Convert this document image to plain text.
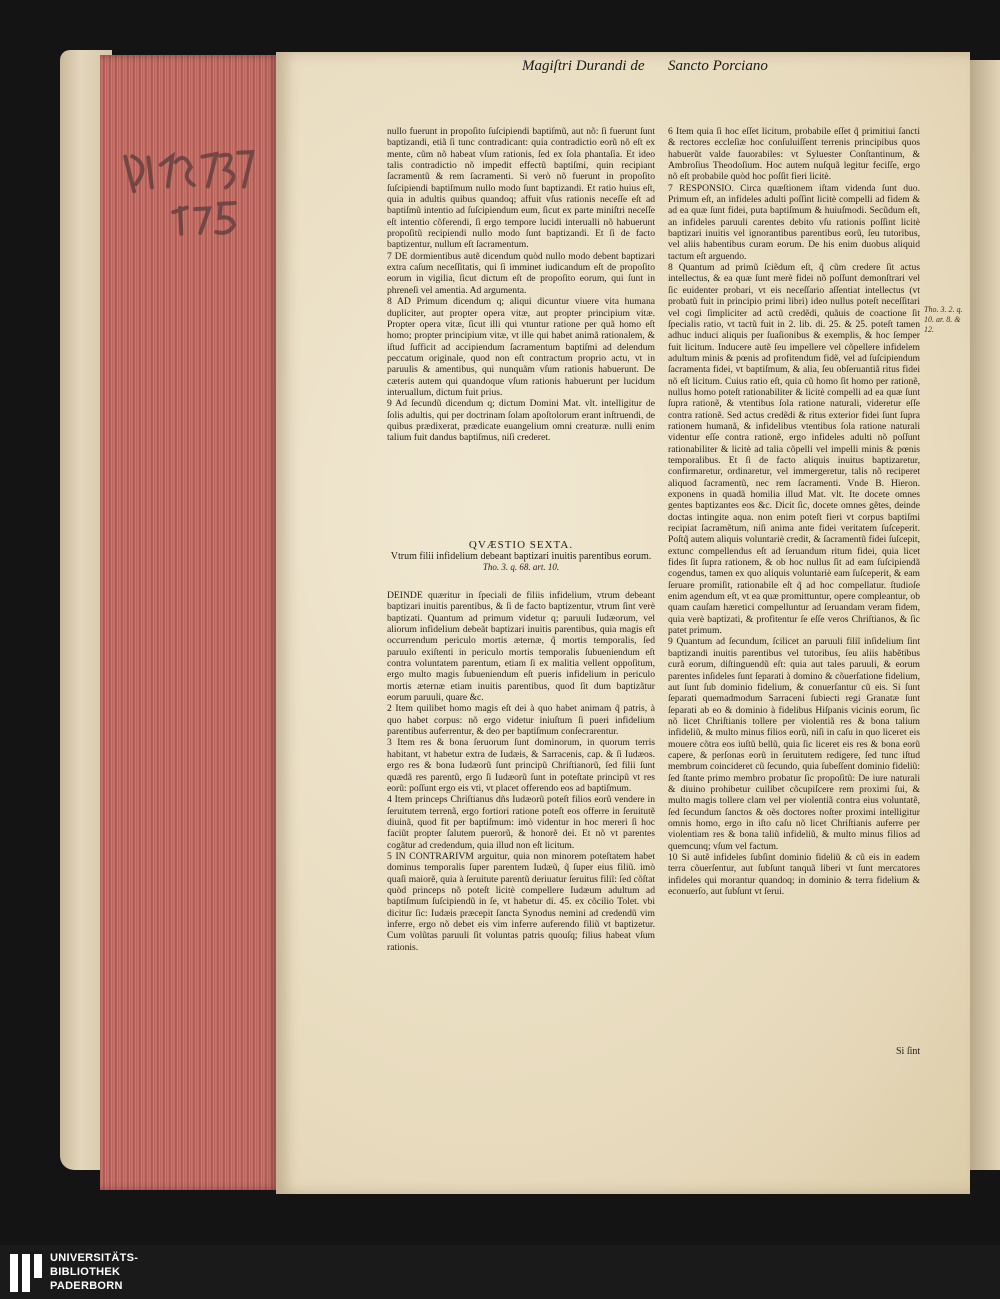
Magiſtri Durandi de Sancto Porciano

nullo fuerunt in propoſito ſuſcipiendi baptiſmũ, aut nõ: ſi fuerunt ſunt baptizandi, etiã ſi tunc contradicant: quia contradictio eorũ nõ eſt ex mente, cũm nõ habeat vſum rationis, ſed ex ſola phantaſia. Et ideo talis contradictio nõ impedit effectũ baptiſmi, quin recipiant ſacramentũ & rem ſacramenti. Si verò nõ fuerunt in propoſito ſuſcipiendi baptiſmum nullo modo ſunt baptizandi. Et ratio huius eſt, quia in adultis quibus quandoq; affuit vſus rationis neceſſe eſt ad baptiſmũ intentio ad ſuſcipiendum eum, ſicut ex parte miniſtri neceſſe eſt intentio cõferendi, ſi ergo tempore lucidi interualli nõ habuerunt propoſitũ recipiendi nullo modo ſunt baptizandi. Et ſi de facto baptizentur, nullum eſt ſacramentum.

7 DE dormientibus autẽ dicendum quòd nullo modo debent baptizari extra caſum neceſſitatis, qui ſi imminet iudicandum eſt de propoſito eorum in vigilia, ſicut dictum eſt de propoſito eorum, qui ſunt in phreneſi vel amentia. Ad argumenta.

8 AD Primum dicendum q; aliqui dicuntur viuere vita humana dupliciter, aut propter opera vitæ, aut propter principium vitæ. Propter opera vitæ, ſicut illi qui vtuntur ratione per quã homo eſt homo; propter principium vitæ, vt ille qui habet animã rationalem, & iſtud ſufficit ad accipiendum ſacramentum baptiſmi ad delendum peccatum originale, quod non eſt contractum proprio actu, vt in paruulis & amentibus, qui nunquãm vſum rationis habuerunt. De cæteris autem qui quandoque vſum rationis habuerunt per lucidum interuallum, dictum fuit prius.

9 Ad ſecundũ dicendum q; dictum Domini Mat. vlt. intelligitur de ſolis adultis, qui per doctrinam ſolam apoſtolorum erant inſtruendi, de quibus prædixerat, prædicate euangelium omni creaturæ. nulli enim talium fuit dandus baptiſmus, niſi crederet.

QVÆSTIO SEXTA.
Vtrum filii infidelium debeant baptizari inuitis parentibus eorum.
Tho. 3. q. 68. art. 10.

DEINDE quæritur in ſpeciali de filiis infidelium, vtrum debeant baptizari inuitis parentibus, & ſi de facto baptizentur, vtrum ſint verè baptizati. Quantum ad primum videtur q; paruuli Iudæorum, vel aliorum infidelium debeãt baptizari inuitis parentibus, quia magis eſt occurrendum periculo mortis æternæ, q̃ mortis temporalis, ſed paruulo exiſtenti in periculo mortis temporalis ſubueniendum eſt contra voluntatem parentum, etiam ſi ex malitia vellent oppoſitum, ergo multo magis ſubueniendum eſt pueris infidelium in periculo mortis æternæ etiam inuitis parentibus, quod ſit dum baptizãtur eorum paruuli, quare &c.

2 Item quilibet homo magis eſt dei à quo habet animam q̃ patris, à quo habet corpus: nõ ergo videtur iniuſtum ſi pueri infidelium parentibus auferrentur, & deo per baptiſmum conſecrarentur.

3 Item res & bona ſeruorum ſunt dominorum, in quorum terris habitant, vt habetur extra de Iudæis, & Sarracenis, cap. & ſi Iudæos. ergo res & bona Iudæorũ ſunt principũ Chriſtianorũ, ſed filii ſunt quædã res parentũ, ergo ſi Iudæorũ ſunt in poteſtate principũ vt res eorũ: poſſunt ergo eis vti, vt placet offerendo eos ad baptiſmum.

4 Item princeps Chriſtianus dñs Iudæorũ poteſt filios eorũ vendere in ſeruitutem terrenã, ergo fortiori ratione poteſt eos offerre in ſeruitutẽ diuinã, quod fit per baptiſmum: imò videntur in hoc mereri ſi hoc faciũt propter ſalutem puerorũ, & honorẽ dei. Et nõ vt parentes cogãtur ad credendum, quia illud non eſt licitum.

5 IN CONTRARIVM arguitur, quia non minorem poteſtatem habet dominus temporalis ſuper parentem Iudæũ, q̃ ſuper eius filiũ. imò quaſi maiorẽ, quia à ſeruitute parentũ deriuatur ſeruitus filiĩ: ſed cõſtat quòd princeps nõ poteſt licitè compellere Iudæum adultum ad baptiſmum ſuſcipiendũ in ſe, vt habetur di. 45. ex cõcilio Tolet. vbi dicitur ſic: Iudæis præcepit ſancta Synodus nemini ad credendũ vim inferre, ergo nõ debet eis vim inferre auferendo filiũ vt baptizetur. Cum volũtas paruuli ſit voluntas patris quouſq; filius habeat vſum rationis.

6 Item quia ſi hoc eſſet licitum, probabile eſſet q̃ primitiui ſancti & rectores eccleſiæ hoc conſuluiſſent terrenis principibus quos habuerũt valde fauorabiles: vt Syluester Conſtantinum, & Ambroſius Theodoſium. Hoc autem nuſquã legitur feciſſe, ergo nõ eſt probabile quòd hoc poſſit fieri licitè.

7 RESPONSIO. Circa quæſtionem iſtam videnda ſunt duo. Primum eſt, an infideles adulti poſſint licitè compelli ad fidem & ad ea quæ ſunt fidei, puta baptiſmum & huiuſmodi. Secũdum eſt, an infideles paruuli carentes debito vſu rationis poſſint licitè baptizari inuitis vel ignorantibus parentibus eorũ, ſeu tutoribus, vel aliis habentibus curam eorum. De his enim duobus aliquid tactum eſt arguendo.

8 Quantum ad primũ ſciẽdum eſt, q̃ cũm credere ſit actus intellectus, & ea quæ ſunt merè fidei nõ poſſunt demonſtrari vel ſic euidenter probari, vt eis neceſſario aſſentiat intellectus (vt probatũ fuit in principio primi libri) ideo nullus poteſt neceſſitari vel cogi ſimpliciter ad actũ credẽdi, quãuis de coactione ſit ſpecialis ratio, vt tactũ fuit in 2. lib. di. 25. & 25. poteſt tamen adhuc induci aliquis per ſuaſionibus & exemplis, & hoc ſemper fuit licitum. Inducere autẽ ſeu impellere vel cõpellere infidelem adultum minis & pœnis ad profitendum fidẽ, vel ad ſuſcipiendum ſacramenta fidei, vt baptiſmum, & alia, ſeu obſeruantiã ritus fidei nõ eſt licitum. Cuius ratio eſt, quia cũ homo ſit homo per rationẽ, nullus homo poteſt rationabiliter & licitè compelli ad ea quæ ſunt ſupra rationẽ, & vtentibus ſola ratione naturali, videretur eſſe contra rationẽ. Sed actus credẽdi & ritus exterior fidei ſunt ſupra rationem humanã, & infidelibus vtentibus ſola ratione naturali videntur eſſe contra rationẽ, ergo infideles adulti nõ poſſunt rationabiliter & licitè ad talia cõpelli vel impelli minis & pœnis temporalibus. Et ſi de facto aliquis inuitus baptizaretur, confirmaretur, ordinaretur, vel immergeretur, talis nõ reciperet aliquod ſacramentũ, nec rem ſacramenti. Vnde B. Hieron. exponens in quadã homilia illud Mat. vlt. Ite docete omnes gentes baptizantes eos &c. Dicit ſic, docete omnes gẽtes, deinde doctas intingite aqua. non enim poteſt fieri vt corpus baptiſmi recipiat ſacramẽtum, niſi anima ante fidei veritatem ſuſceperit. Poſtq̃ autem aliquis voluntariè credit, & ſacramentũ fidei ſuſcepit, extunc compellendus eſt ad ſeruandum ritum fidei, quia licet fides ſit ſupra rationem, & ob hoc nullus ſit ad eam ſuſcipiendã cogendus, tamen ex quo aliquis voluntariè eam ſuſceperit, & eam ſeruare promiſit, rationabile eſt q̃ ad hoc compellatur. ſtudioſe enim agendum eſt, vt ea quæ promittuntur, opere compleantur, ob quam cauſam hæretici compelluntur ad ſeruandam veram fidem, quia verè baptizati, & profitentur ſe eſſe veros Chriſtianos, & ſic patet primum.

9 Quantum ad ſecundum, ſcilicet an paruuli filiĩ inſidelium ſint baptizandi inuitis parentibus vel tutoribus, ſeu aliis habẽtibus curã eorum, diſtinguendũ eſt: quia aut tales paruuli, & eorum parentes inſideles ſunt ſeparati à domino & cõuerſatione fidelium, aut ſunt ſub dominio fidelium, & conuerſantur cũ eis. Si ſunt ſeparati quemadmodum Sarraceni ſubiecti regi Granatæ ſunt ſeparati ab eo & dominio à fidelibus Hiſpanis vicinis eorum, ſic nõ licet Chriſtianis tollere per violentiã res & bona talium infideliũ, & multo minus filios eorũ, niſi in caſu in quo liceret eis mouere cõtra eos iuſtũ bellũ, quia ſic liceret eis res & bona eorũ capere, & perſonas eorũ in ſeruitutem redigere, ſed tunc iſtud membrum coincideret cũ ſecundo, quia ſubeſſent dominio fideliũ: ſed ſtante primo membro probatur ſic propoſitũ: De iure naturali & diuino prohibetur cuilibet cõcupiſcere rem proximi ſui, & multo magis tollere clam vel per violentiã contra eius voluntatẽ, ſed ſecundum ſanctos & oẽs doctores noſter proximi intelligitur omnis homo, ergo in iſto caſu nõ licet Chriſtianis auferre per violentiam res & bona taliũ infideliũ, & multo minus filios ad quemcunq; vſum vel factum.

10 Si autẽ infideles ſubſint dominio fideliũ & cũ eis in eadem terra cõuerſentur, aut ſubſunt tanquã liberi vt ſunt mercatores infideles qui morantur quandoq; in dominio & terra fidelium & econuerſo, aut ſubſunt vt ſerui.

Tho. 3. 2. q. 10. ar. 8. & 12.
Si ſint
UNIVERSITÄTS-
BIBLIOTHEK
PADERBORN
